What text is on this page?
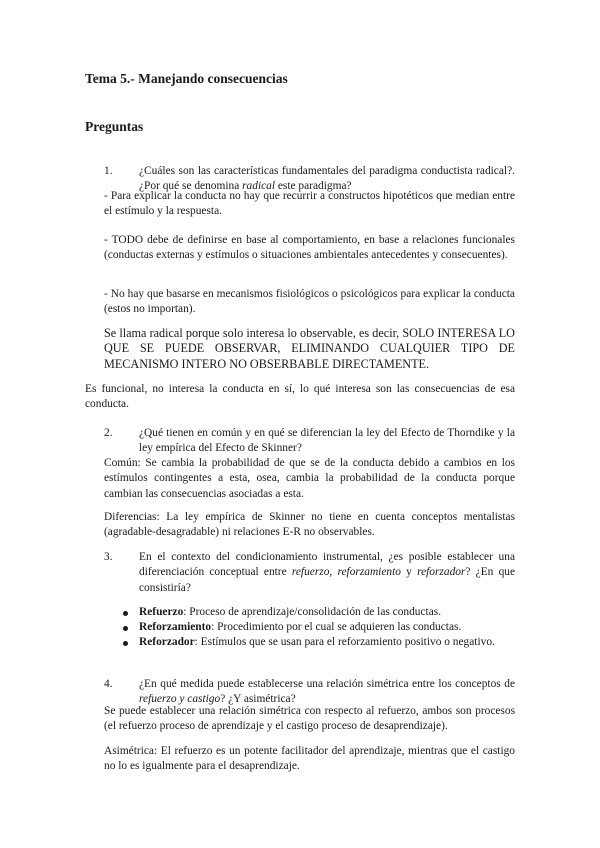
Tema 5.- Manejando consecuencias
Preguntas
1. ¿Cuáles son las características fundamentales del paradigma conductista radical?. ¿Por qué se denomina radical este paradigma?

- Para explicar la conducta no hay que recurrir a constructos hipotéticos que median entre el estímulo y la respuesta.

- TODO debe de definirse en base al comportamiento, en base a relaciones funcionales (conductas externas y estímulos o situaciones ambientales antecedentes y consecuentes).

- No hay que basarse en mecanismos fisiológicos o psicológicos para explicar la conducta (estos no importan).

Se llama radical porque solo interesa lo observable, es decir, SOLO INTERESA LO QUE SE PUEDE OBSERVAR, ELIMINANDO CUALQUIER TIPO DE MECANISMO INTERO NO OBSERBABLE DIRECTAMENTE.

Es funcional, no interesa la conducta en sí, lo qué interesa son las consecuencias de esa conducta.

2. ¿Qué tienen en común y en qué se diferencian la ley del Efecto de Thorndike y la ley empírica del Efecto de Skinner?

Común: Se cambia la probabilidad de que se de la conducta debido a cambios en los estímulos contingentes a esta, osea, cambia la probabilidad de la conducta porque cambian las consecuencias asociadas a esta.

Diferencias: La ley empírica de Skinner no tiene en cuenta conceptos mentalistas (agradable-desagradable) ni relaciones E-R no observables.

3. En el contexto del condicionamiento instrumental, ¿es posible establecer una diferenciación conceptual entre refuerzo, reforzamiento y reforzador? ¿En que consistiría?

Refuerzo: Proceso de aprendizaje/consolidación de las conductas.

Reforzamiento: Procedimiento por el cual se adquieren las conductas.

Reforzador: Estímulos que se usan para el reforzamiento positivo o negativo.

4. ¿En qué medida puede establecerse una relación simétrica entre los conceptos de refuerzo y castigo? ¿Y asimétrica?

Se puede establecer una relación simétrica con respecto al refuerzo, ambos son procesos (el refuerzo proceso de aprendizaje y el castigo proceso de desaprendizaje).

Asimétrica: El refuerzo es un potente facilitador del aprendizaje, mientras que el castigo no lo es igualmente para el desaprendizaje.
